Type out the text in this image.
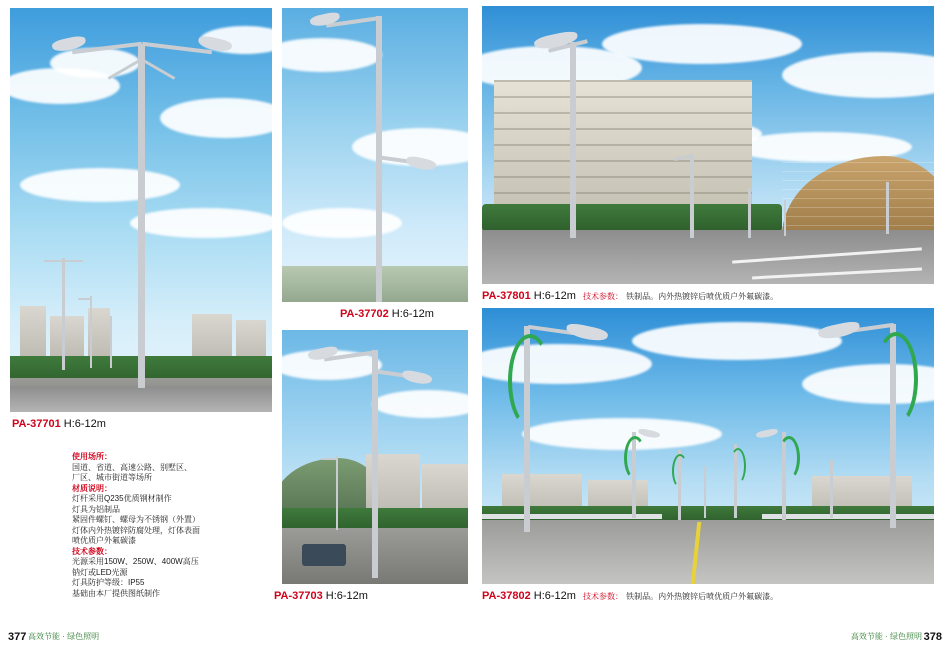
PA-37701 H:6-12m
使用场所：
国道、省道、高速公路、别墅区、
厂区、城市街道等场所
材质说明：
灯杆采用Q235优质钢材制作
灯具为铝制品
紧固件螺钉、螺母为不锈钢（外置）
灯体内外热镀锌防腐处理，灯体表面
喷优质户外氟碳漆
技术参数：
光源采用150W、250W、400W高压
钠灯或LED光源
灯具防护等级：IP55
基础由本厂提供图纸制作
PA-37702 H:6-12m
PA-37703 H:6-12m
PA-37801 H:6-12m 技术参数： 铁制品。内外热镀锌后喷优质户外氟碳漆。
PA-37802 H:6-12m 技术参数： 铁制品。内外热镀锌后喷优质户外氟碳漆。
377 高效节能 · 绿色照明	378
高效节能 · 绿色照明
